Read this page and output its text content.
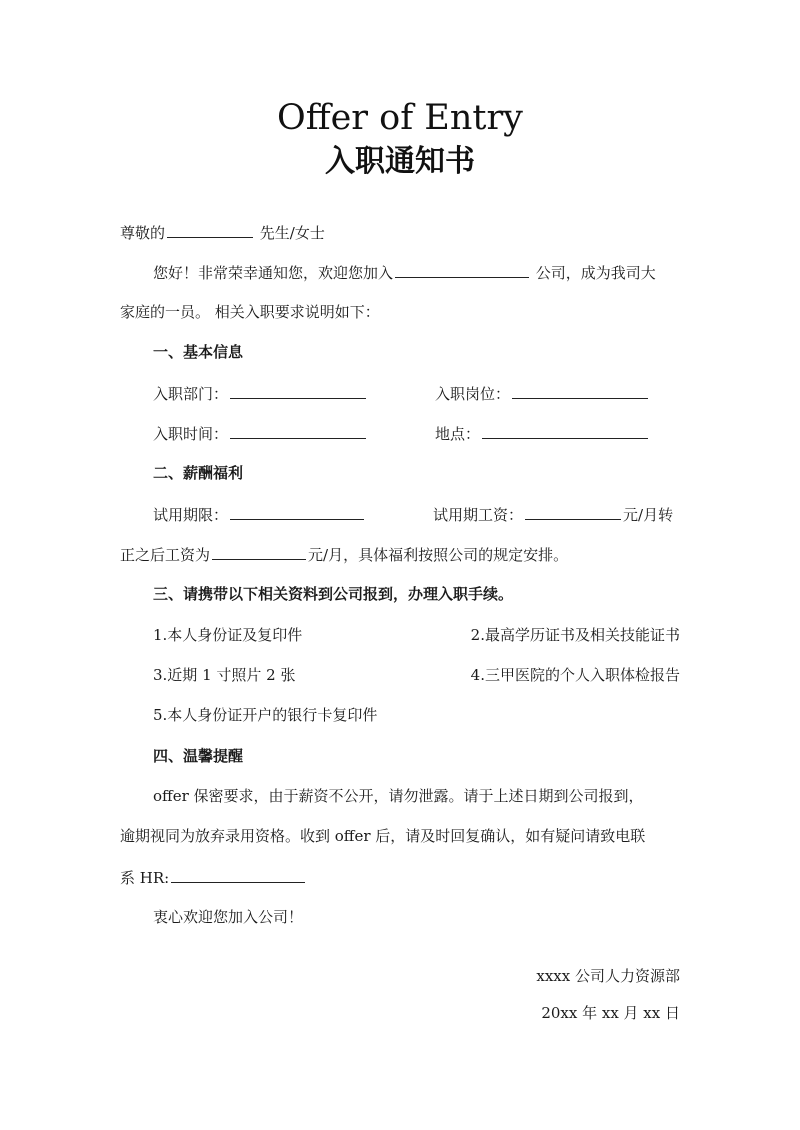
Offer of Entry
入职通知书
尊敬的	先生/女士
您好！非常荣幸通知您，欢迎您加入	公司，成为我司大
家庭的一员。 相关入职要求说明如下：
一、基本信息
入职部门：	入职岗位：
入职时间：	地点：
二、薪酬福利
试用期限：	试用期工资：	元/月转
正之后工资为	元/月，具体福利按照公司的规定安排。
三、请携带以下相关资料到公司报到，办理入职手续。
1.本人身份证及复印件	2.最高学历证书及相关技能证书
3.近期 1 寸照片 2 张	4.三甲医院的个人入职体检报告
5.本人身份证开户的银行卡复印件
四、温馨提醒
offer 保密要求，由于薪资不公开，请勿泄露。请于上述日期到公司报到，
逾期视同为放弃录用资格。收到 offer 后，请及时回复确认，如有疑问请致电联
系 HR:
衷心欢迎您加入公司！
xxxx 公司人力资源部
20xx 年 xx 月 xx 日
